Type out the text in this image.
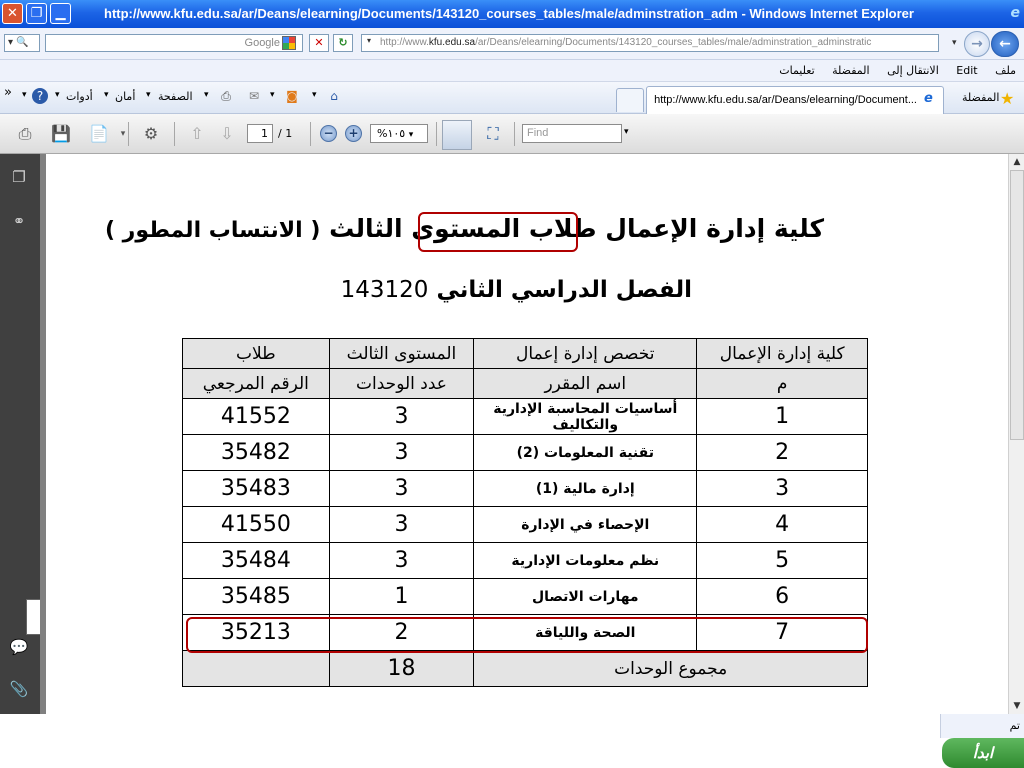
✕ ❐	▁	http://www.kfu.edu.sa/ar/Deans/elearning/Documents/143120_courses_tables/male/adminstration_adm - Windows Internet Explorer	e
▾ 🔍	Google	✕	↻	http://www.kfu.edu.sa/ar/Deans/elearning/Documents/143120_courses_tables/male/adminstration_adminstratic
▾	▾	→	←
ملف Edit الانتقال إلى المفضلة تعليمات
★
المفضلة
http://www.kfu.edu.sa/ar/Deans/elearning/Document... e
⌂
▾
◙
▾
✉
⎙
▾
الصفحة
▾
أمان
▾
أدوات
▾
?
▾
»
⎙	💾 📄	▾	⚙	⇧	⇩	1 / 1	− +	%١٠٥ ▾	⛶	Find	▾
❐
⚭
💬
📎
كلية إدارة الإعمال طلاب المستوى الثالث ( الانتساب المطور )
الفصل الدراسي الثاني 143120
كلية إدارة الإعمال	تخصص إدارة إعمال	المستوى الثالث	طلاب
م	اسم المقرر	عدد الوحدات	الرقم المرجعي
1	أساسيات المحاسبة الإدارية والتكاليف	3	41552
2	تقنية المعلومات (2)	3	35482
3	إدارة مالية (1)	3	35483
4	الإحصاء في الإدارة	3	41550
5	نظم معلومات الإدارية	3	35484
6	مهارات الاتصال	1	35485
7	الصحة واللياقة	2	35213
مجموع الوحدات		18	
▲
▼
تم
ابدأ
